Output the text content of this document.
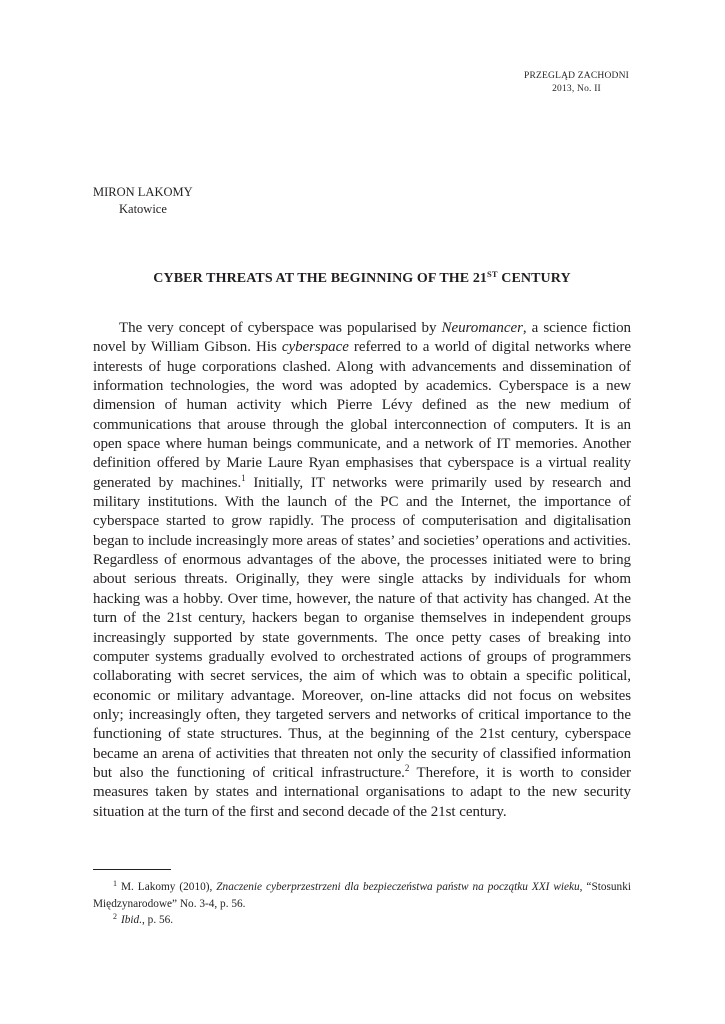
PRZEGLĄD ZACHODNI
2013, No. II
MIRON LAKOMY
Katowice
CYBER THREATS AT THE BEGINNING OF THE 21ST CENTURY

The very concept of cyberspace was popularised by Neuromancer, a science fiction novel by William Gibson. His cyberspace referred to a world of digital networks where interests of huge corporations clashed. Along with advancements and dissemination of information technologies, the word was adopted by academics. Cyberspace is a new dimension of human activity which Pierre Lévy defined as the new medium of communications that arouse through the global interconnection of computers. It is an open space where human beings communicate, and a network of IT memories. Another definition offered by Marie Laure Ryan emphasises that cyberspace is a virtual reality generated by machines.$^1$ Initially, IT networks were primarily used by research and military institutions. With the launch of the PC and the Internet, the importance of cyberspace started to grow rapidly. The process of computerisation and digitalisation began to include increasingly more areas of states’ and societies’ operations and activities. Regardless of enormous advantages of the above, the processes initiated were to bring about serious threats. Originally, they were single attacks by individuals for whom hacking was a hobby. Over time, however, the nature of that activity has changed. At the turn of the 21st century, hackers began to organise themselves in independent groups increasingly supported by state governments. The once petty cases of breaking into computer systems gradually evolved to orchestrated actions of groups of programmers collaborating with secret services, the aim of which was to obtain a specific political, economic or military advantage. Moreover, on-line attacks did not focus on websites only; increasingly often, they targeted servers and networks of critical importance to the functioning of state structures. Thus, at the beginning of the 21st century, cyberspace became an arena of activities that threaten not only the security of classified information but also the functioning of critical infrastructure.$^2$ Therefore, it is worth to consider measures taken by states and international organisations to adapt to the new security situation at the turn of the first and second decade of the 21st century.

$^1$ M. Lakomy (2010), Znaczenie cyberprzestrzeni dla bezpieczeństwa państw na początku XXI wieku, “Stosunki Międzynarodowe” No. 3-4, p. 56.

$^2$ Ibid., p. 56.
